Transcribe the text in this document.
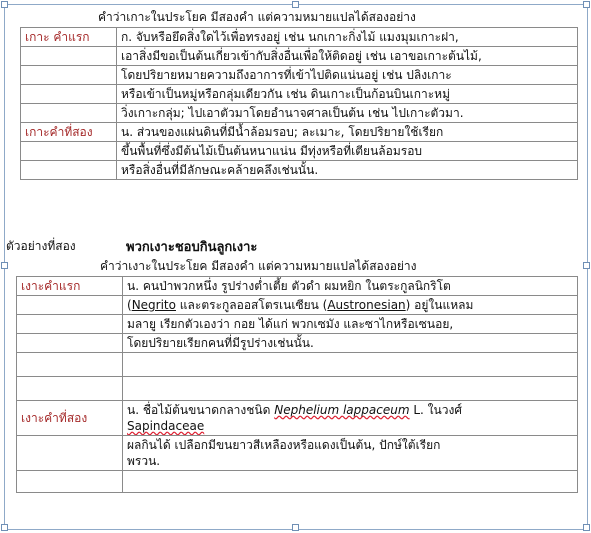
คำว่าเกาะในประโยค มีสองคำ แต่ความหมายแปลได้สองอย่าง
เกาะ คำแรก	ก. จับหรือยึดสิ่งใดไว้เพื่อทรงอยู่ เช่น นกเกาะกิ่งไม้ แมงมุมเกาะฝา,
	เอาสิ่งมีขอเป็นต้นเกี่ยวเข้ากับสิ่งอื่นเพื่อให้ติดอยู่ เช่น เอาขอเกาะต้นไม้,
	โดยปริยายหมายความถึงอาการที่เข้าไปติดแน่นอยู่ เช่น ปลิงเกาะ
	หรือเข้าเป็นหมู่หรือกลุ่มเดียวกัน เช่น ดินเกาะเป็นก้อนบินเกาะหมู่
	วิ่งเกาะกลุ่ม; ไปเอาตัวมาโดยอำนาจศาลเป็นต้น เช่น ไปเกาะตัวมา.
เกาะคำที่สอง	น. ส่วนของแผ่นดินที่มีน้ำล้อมรอบ; ละเมาะ, โดยปริยายใช้เรียก
	ขึ้นพื้นที่ซึ่งมีต้นไม้เป็นต้นหนาแน่น มีทุ่งหรือที่เตียนล้อมรอบ
	หรือสิ่งอื่นที่มีลักษณะคล้ายคลึงเช่นนั้น.
ตัวอย่างที่สอง	พวกเงาะชอบกินลูกเงาะ
คำว่าเงาะในประโยค มีสองคำ แต่ความหมายแปลได้สองอย่าง
เงาะคำแรก	น. คนป่าพวกหนึ่ง รูปร่างต่ำเตี้ย ตัวดำ ผมหยิก ในตระกูลนิกริโต
	(Negrito และตระกูลออสโตรเนเซียน (Austronesian) อยู่ในแหลม
	มลายู เรียกตัวเองว่า กอย ได้แก่ พวกเซมัง และซาไกหรือเซนอย,
	โดยปริยายเรียกคนที่มีรูปร่างเช่นนั้น.

เงาะคำที่สอง	น. ชื่อไม้ต้นขนาดกลางชนิด Nephelium lappaceum L. ในวงศ์
Sapindaceae
	ผลกินได้ เปลือกมีขนยาวสีเหลืองหรือแดงเป็นต้น, ปักษ์ใต้เรียก
พรวน.
